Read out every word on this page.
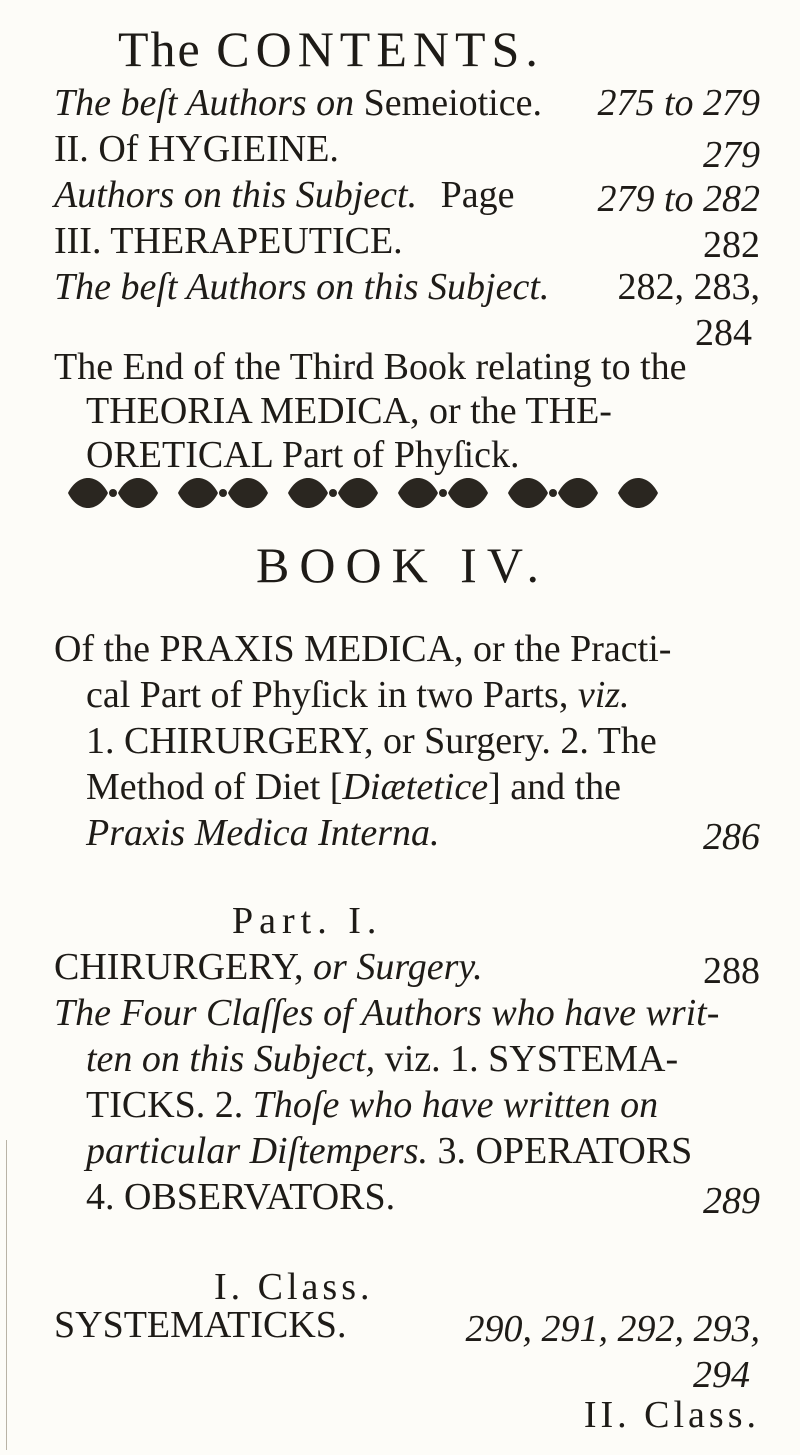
The CONTENTS.
The beſt Authors on Semeiotice. 275 to 279
II. Of HYGIEINE.	279
Authors on this Subject. Page 279 to 282
III. THERAPEUTICE.	282
The beſt Authors on this Subject. 282, 283,
284
The End of the Third Book relating to the
THEORIA MEDICA, or the THE-
ORETICAL Part of Phyſick.
BOOK IV.
Of the PRAXIS MEDICA, or the Practi-
cal Part of Phyſick in two Parts, viz.
1. CHIRURGERY, or Surgery. 2. The
Method of Diet [Diætetice] and the
Praxis Medica Interna.	286
Part. I.
CHIRURGERY, or Surgery.	288
The Four Claſſes of Authors who have writ-
ten on this Subject, viz. 1. SYSTEMA-
TICKS. 2. Thoſe who have written on
particular Diſtempers. 3. OPERATORS
4. OBSERVATORS.	289
I. Class.
SYSTEMATICKS.	290, 291, 292, 293,
294
II. Class.
